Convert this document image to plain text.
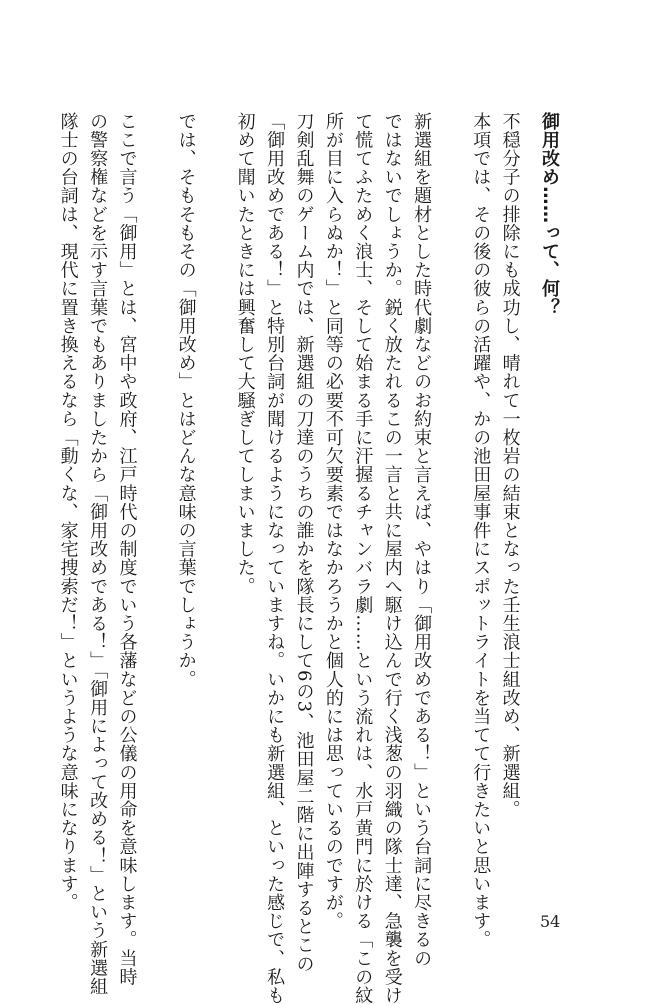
御用改め……って、何？

不穏分子の排除にも成功し、晴れて一枚岩の結束となった壬生浪士組改め、新選組。

本項では、その後の彼らの活躍や、かの池田屋事件にスポットライトを当てて行きたいと思います。

新選組を題材とした時代劇などのお約束と言えば、やはり「御用改めである！」という台詞に尽きるの

ではないでしょうか。鋭く放たれるこの一言と共に屋内へ駆け込んで行く浅葱の羽織の隊士達、急襲を受け

て慌てふためく浪士、そして始まる手に汗握るチャンバラ劇……という流れは、水戸黄門に於ける「この紋

所が目に入らぬか！」と同等の必要不可欠要素ではなかろうかと個人的には思っているのですが。

刀剣乱舞のゲーム内では、新選組の刀達のうちの誰かを隊長にして6の3、池田屋二階に出陣するとこの

「御用改めである！」と特別台詞が聞けるようになっていますね。いかにも新選組、といった感じで、私も

初めて聞いたときには興奮して大騒ぎしてしまいました。

では、そもそもその「御用改め」とはどんな意味の言葉でしょうか。

ここで言う「御用」とは、宮中や政府、江戸時代の制度でいう各藩などの公儀の用命を意味します。当時

の警察権などを示す言葉でもありましたから「御用改めである！」「御用によって改める！」という新選組

隊士の台詞は、現代に置き換えるなら「動くな、家宅捜索だ！」というような意味になります。

54
